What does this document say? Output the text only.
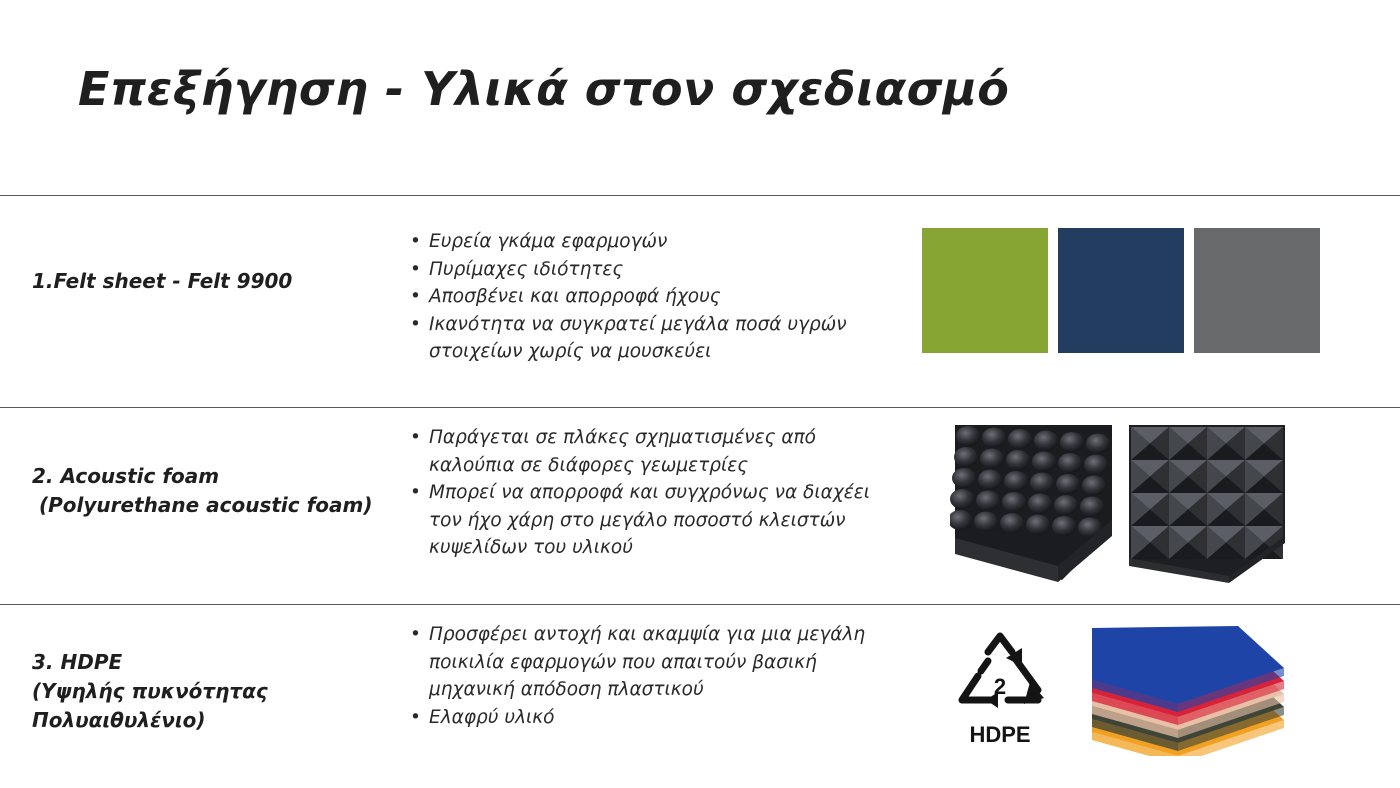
Επεξήγηση - Υλικά στον σχεδιασμό
1.Felt sheet - Felt 9900
• Ευρεία γκάμα εφαρμογών
• Πυρίμαχες ιδιότητες
• Αποσβένει και απορροφά ήχους
• Ικανότητα να συγκρατεί μεγάλα ποσά υγρών στοιχείων χωρίς να μουσκεύει
2. Acoustic foam
(Polyurethane acoustic foam)
• Παράγεται σε πλάκες σχηματισμένες από καλούπια σε διάφορες γεωμετρίες
• Μπορεί να απορροφά και συγχρόνως να διαχέει τον ήχο χάρη στο μεγάλο ποσοστό κλειστών κυψελίδων του υλικού
3. HDPE
(Υψηλής πυκνότητας
Πολυαιθυλένιο)
• Προσφέρει αντοχή και ακαμψία για μια μεγάλη ποικιλία εφαρμογών που απαιτούν βασική μηχανική απόδοση πλαστικού
• Ελαφρύ υλικό
2
HDPE
